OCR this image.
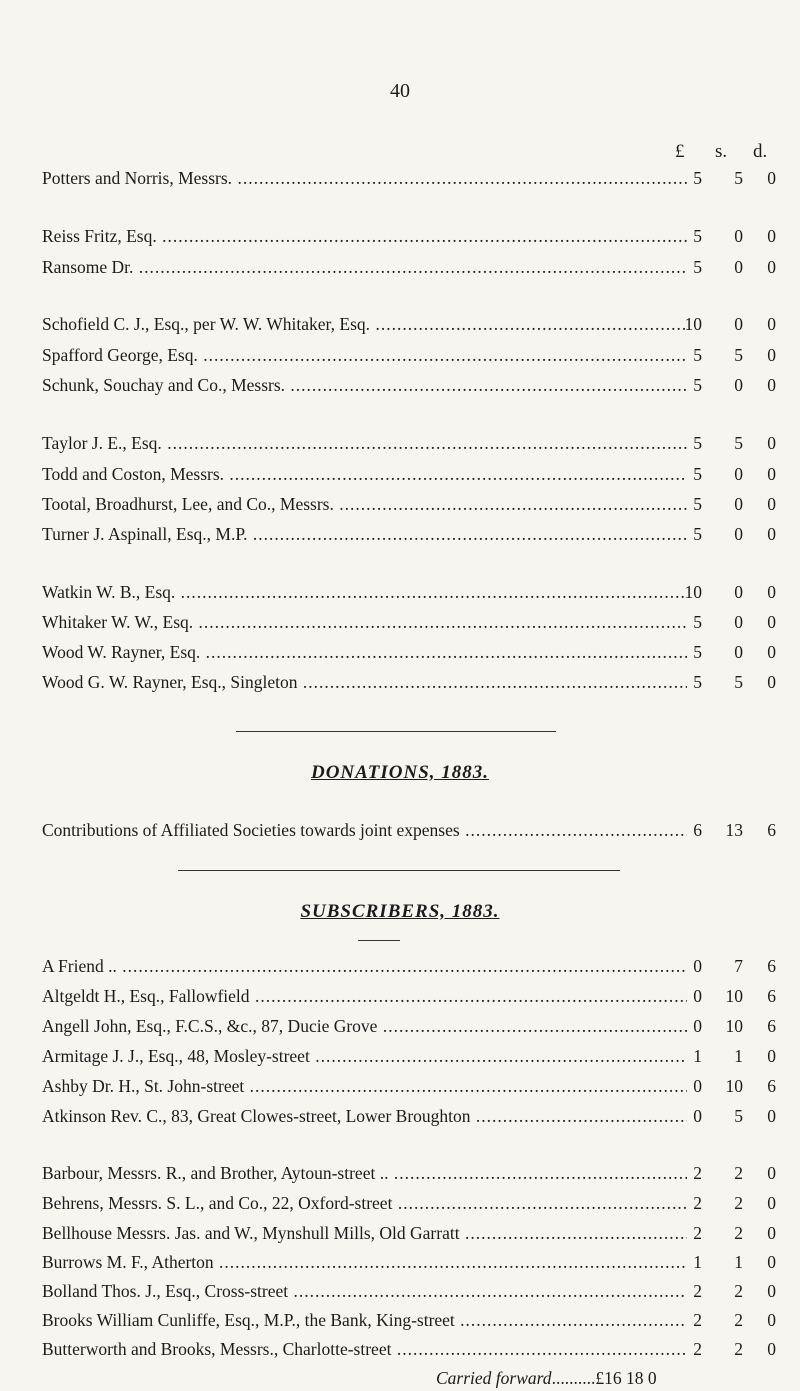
40
£ s. d.
Potters and Norris, Messrs. .....	5	5	0
Reiss Fritz, Esq. .....	5	0	0
Ransome Dr. .....	5	0	0
Schofield C. J., Esq., per W. W. Whitaker, Esq. .....	10	0	0
Spafford George, Esq. .....	5	5	0
Schunk, Souchay and Co., Messrs. .....	5	0	0
Taylor J. E., Esq. .....	5	5	0
Todd and Coston, Messrs. .....	5	0	0
Tootal, Broadhurst, Lee, and Co., Messrs. .....	5	0	0
Turner J. Aspinall, Esq., M.P. .....	5	0	0
Watkin W. B., Esq. .....	10	0	0
Whitaker W. W., Esq. .....	5	0	0
Wood W. Rayner, Esq. .....	5	0	0
Wood G. W. Rayner, Esq., Singleton .....	5	5	0
DONATIONS, 1883.
Contributions of Affiliated Societies towards joint expenses .....	6	13	6
SUBSCRIBERS, 1883.
A Friend .. .....	0	7	6
Altgeldt H., Esq., Fallowfield .....	0	10	6
Angell John, Esq., F.C.S., &c., 87, Ducie Grove .....	0	10	6
Armitage J. J., Esq., 48, Mosley-street .....	1	1	0
Ashby Dr. H., St. John-street .....	0	10	6
Atkinson Rev. C., 83, Great Clowes-street, Lower Broughton .....	0	5	0
Barbour, Messrs. R., and Brother, Aytoun-street .. .....	2	2	0
Behrens, Messrs. S. L., and Co., 22, Oxford-street .....	2	2	0
Bellhouse Messrs. Jas. and W., Mynshull Mills, Old Garratt .....	2	2	0
Burrows M. F., Atherton .....	1	1	0
Bolland Thos. J., Esq., Cross-street .....	2	2	0
Brooks William Cunliffe, Esq., M.P., the Bank, King-street .....	2	2	0
Butterworth and Brooks, Messrs., Charlotte-street .....	2	2	0
Carried forward .....	£16 18 0
